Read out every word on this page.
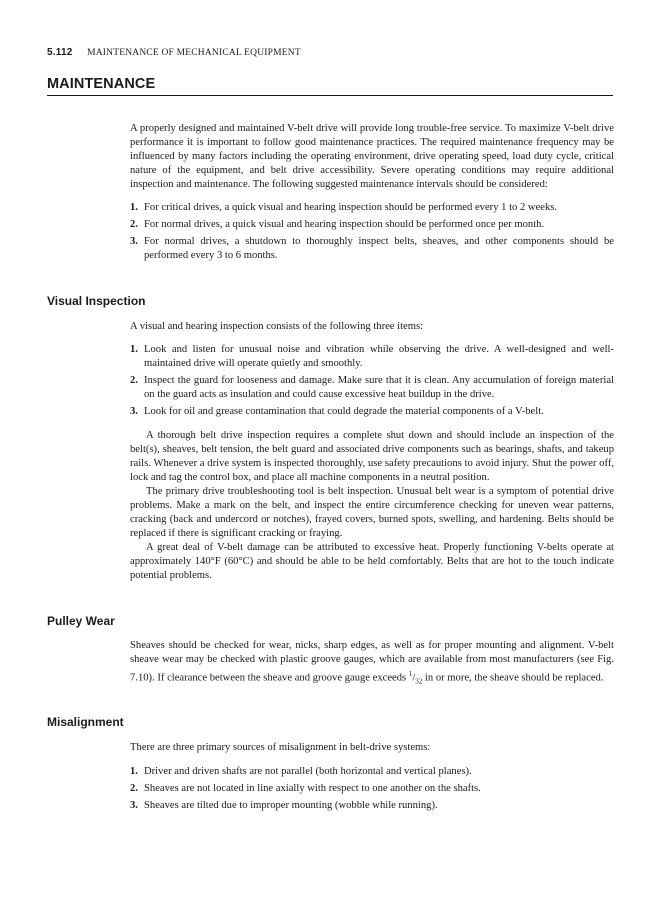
5.112 MAINTENANCE OF MECHANICAL EQUIPMENT
MAINTENANCE

A properly designed and maintained V-belt drive will provide long trouble-free service. To maximize V-belt drive performance it is important to follow good maintenance practices. The required maintenance frequency may be influenced by many factors including the operating environment, drive operating speed, load duty cycle, critical nature of the equipment, and belt drive accessibility. Severe operating conditions may require additional inspection and maintenance. The following suggested maintenance intervals should be considered:

1. For critical drives, a quick visual and hearing inspection should be performed every 1 to 2 weeks.
2. For normal drives, a quick visual and hearing inspection should be performed once per month.
3. For normal drives, a shutdown to thoroughly inspect belts, sheaves, and other components should be performed every 3 to 6 months.
Visual Inspection

A visual and hearing inspection consists of the following three items:

1. Look and listen for unusual noise and vibration while observing the drive. A well-designed and well-maintained drive will operate quietly and smoothly.
2. Inspect the guard for looseness and damage. Make sure that it is clean. Any accumulation of foreign material on the guard acts as insulation and could cause excessive heat buildup in the drive.
3. Look for oil and grease contamination that could degrade the material components of a V-belt.

A thorough belt drive inspection requires a complete shut down and should include an inspection of the belt(s), sheaves, belt tension, the belt guard and associated drive components such as bearings, shafts, and takeup rails. Whenever a drive system is inspected thoroughly, use safety precautions to avoid injury. Shut the power off, lock and tag the control box, and place all machine components in a neutral position.

The primary drive troubleshooting tool is belt inspection. Unusual belt wear is a symptom of potential drive problems. Make a mark on the belt, and inspect the entire circumference checking for uneven wear patterns, cracking (back and undercord or notches), frayed covers, burned spots, swelling, and hardening. Belts should be replaced if there is significant cracking or fraying.

A great deal of V-belt damage can be attributed to excessive heat. Properly functioning V-belts operate at approximately 140°F (60°C) and should be able to be held comfortably. Belts that are hot to the touch indicate potential problems.

Pulley Wear

Sheaves should be checked for wear, nicks, sharp edges, as well as for proper mounting and alignment. V-belt sheave wear may be checked with plastic groove gauges, which are available from most manufacturers (see Fig. 7.10). If clearance between the sheave and groove gauge exceeds $^1/_{32}$ in or more, the sheave should be replaced.

Misalignment

There are three primary sources of misalignment in belt-drive systems:

1. Driver and driven shafts are not parallel (both horizontal and vertical planes).
2. Sheaves are not located in line axially with respect to one another on the shafts.
3. Sheaves are tilted due to improper mounting (wobble while running).
